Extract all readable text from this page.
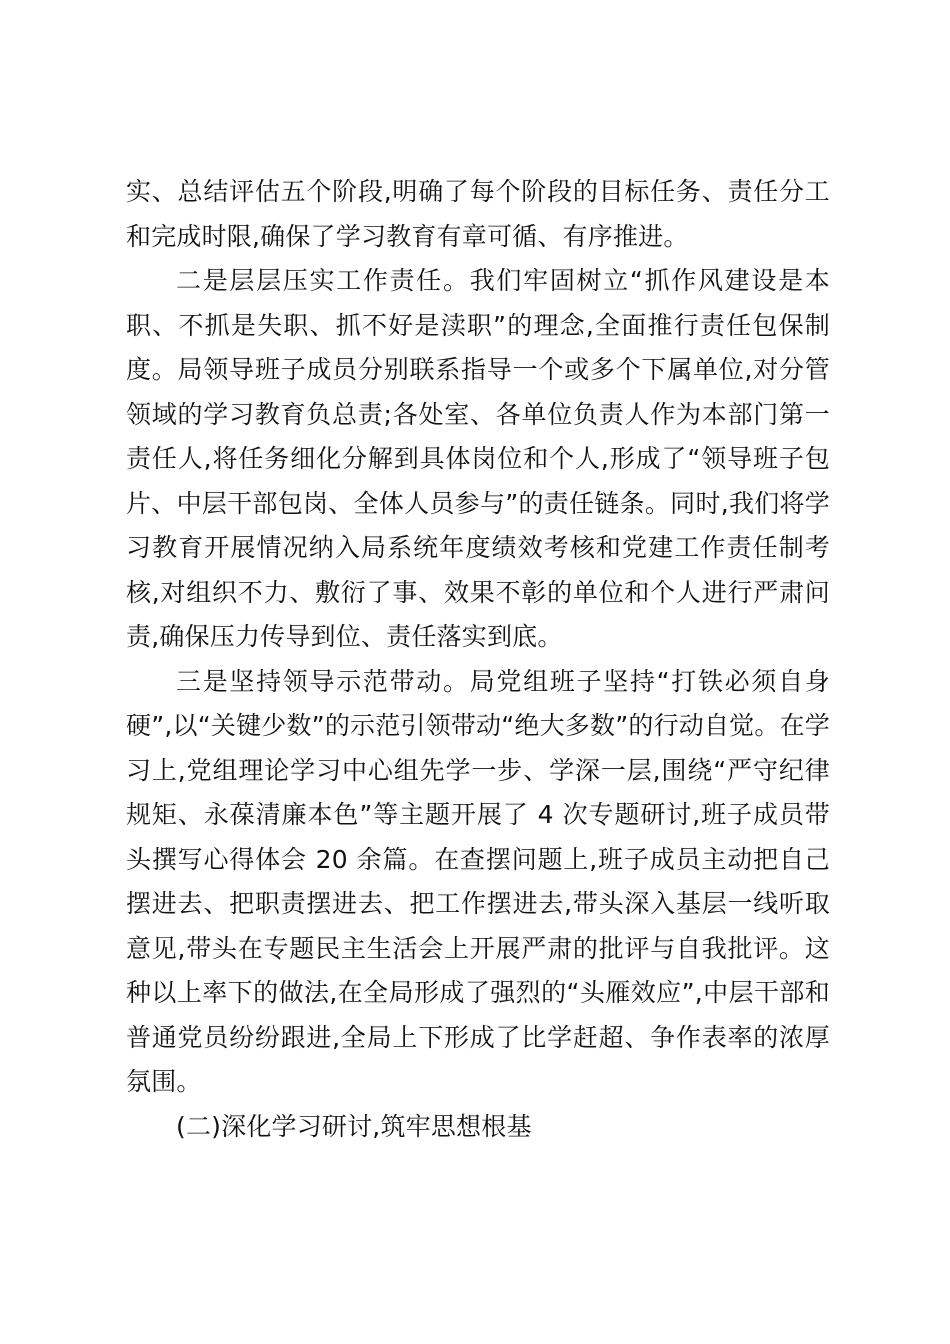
实、总结评估五个阶段,明确了每个阶段的目标任务、责任分工和完成时限,确保了学习教育有章可循、有序推进。

二是层层压实工作责任。我们牢固树立“抓作风建设是本职、不抓是失职、抓不好是渎职”的理念,全面推行责任包保制度。局领导班子成员分别联系指导一个或多个下属单位,对分管领域的学习教育负总责;各处室、各单位负责人作为本部门第一责任人,将任务细化分解到具体岗位和个人,形成了“领导班子包片、中层干部包岗、全体人员参与”的责任链条。同时,我们将学习教育开展情况纳入局系统年度绩效考核和党建工作责任制考核,对组织不力、敷衍了事、效果不彰的单位和个人进行严肃问责,确保压力传导到位、责任落实到底。

三是坚持领导示范带动。局党组班子坚持“打铁必须自身硬”,以“关键少数”的示范引领带动“绝大多数”的行动自觉。在学习上,党组理论学习中心组先学一步、学深一层,围绕“严守纪律规矩、永葆清廉本色”等主题开展了 4 次专题研讨,班子成员带头撰写心得体会 20 余篇。在查摆问题上,班子成员主动把自己摆进去、把职责摆进去、把工作摆进去,带头深入基层一线听取意见,带头在专题民主生活会上开展严肃的批评与自我批评。这种以上率下的做法,在全局形成了强烈的“头雁效应”,中层干部和普通党员纷纷跟进,全局上下形成了比学赶超、争作表率的浓厚氛围。

(二)深化学习研讨,筑牢思想根基
